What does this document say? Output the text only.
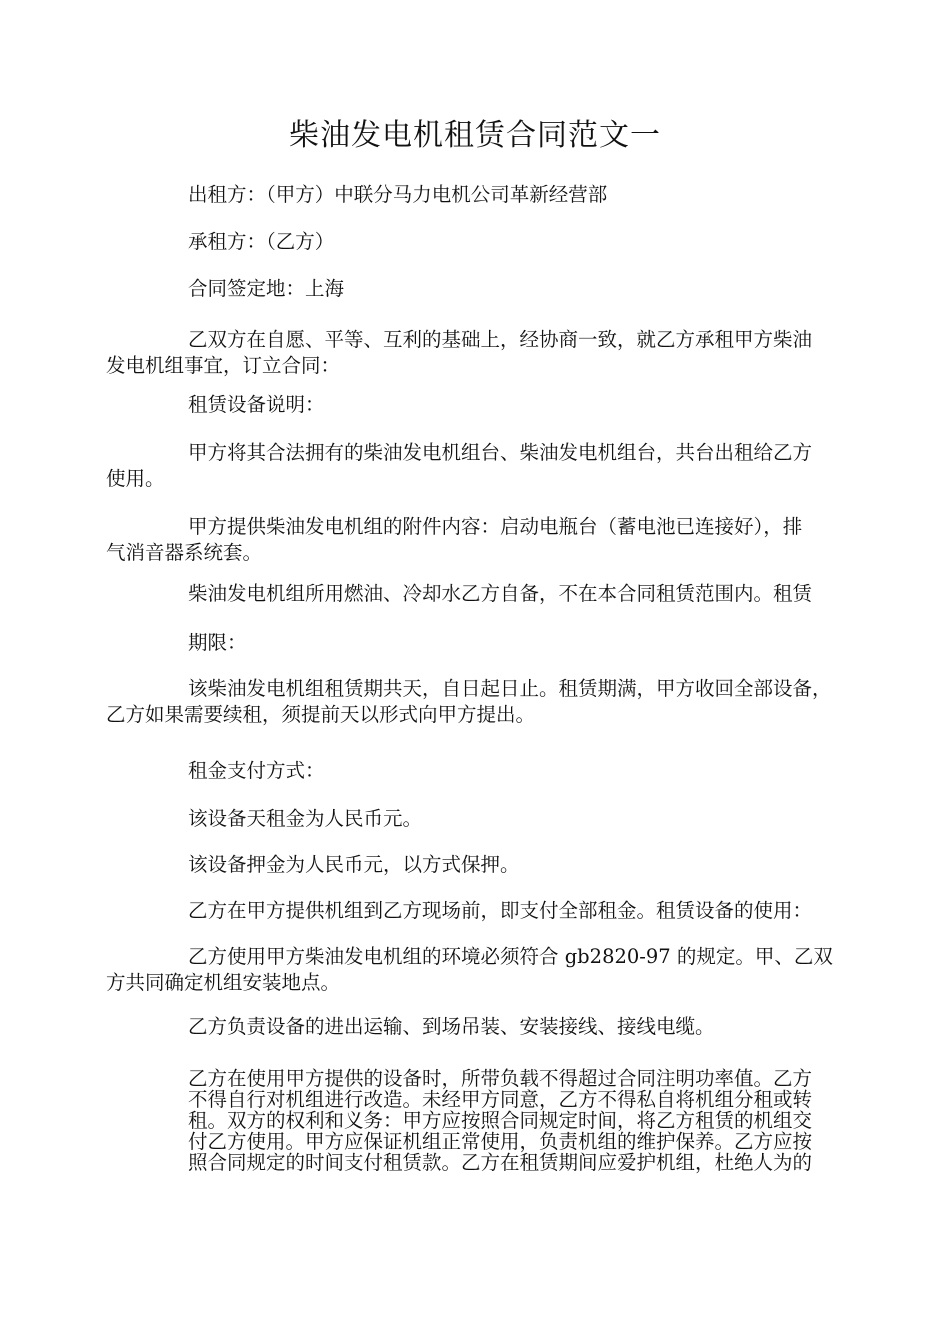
柴油发电机租赁合同范文一
出租方：（甲方）中联分马力电机公司革新经营部
承租方：（乙方）
合同签定地：上海
乙双方在自愿、平等、互利的基础上，经协商一致，就乙方承租甲方柴油
发电机组事宜，订立合同：
租赁设备说明：
甲方将其合法拥有的柴油发电机组台、柴油发电机组台，共台出租给乙方
使用。
甲方提供柴油发电机组的附件内容：启动电瓶台（蓄电池已连接好），排
气消音器系统套。
柴油发电机组所用燃油、冷却水乙方自备，不在本合同租赁范围内。租赁
期限：
该柴油发电机组租赁期共天，自日起日止。租赁期满，甲方收回全部设备，
乙方如果需要续租，须提前天以形式向甲方提出。
租金支付方式：
该设备天租金为人民币元。
该设备押金为人民币元，以方式保押。
乙方在甲方提供机组到乙方现场前，即支付全部租金。租赁设备的使用：
乙方使用甲方柴油发电机组的环境必须符合 gb2820-97 的规定。甲、乙双
方共同确定机组安装地点。
乙方负责设备的进出运输、到场吊装、安装接线、接线电缆。
乙方在使用甲方提供的设备时，所带负载不得超过合同注明功率值。乙方
不得自行对机组进行改造。未经甲方同意，乙方不得私自将机组分租或转
租。双方的权利和义务：甲方应按照合同规定时间，将乙方租赁的机组交
付乙方使用。甲方应保证机组正常使用，负责机组的维护保养。乙方应按
照合同规定的时间支付租赁款。乙方在租赁期间应爱护机组，杜绝人为的
